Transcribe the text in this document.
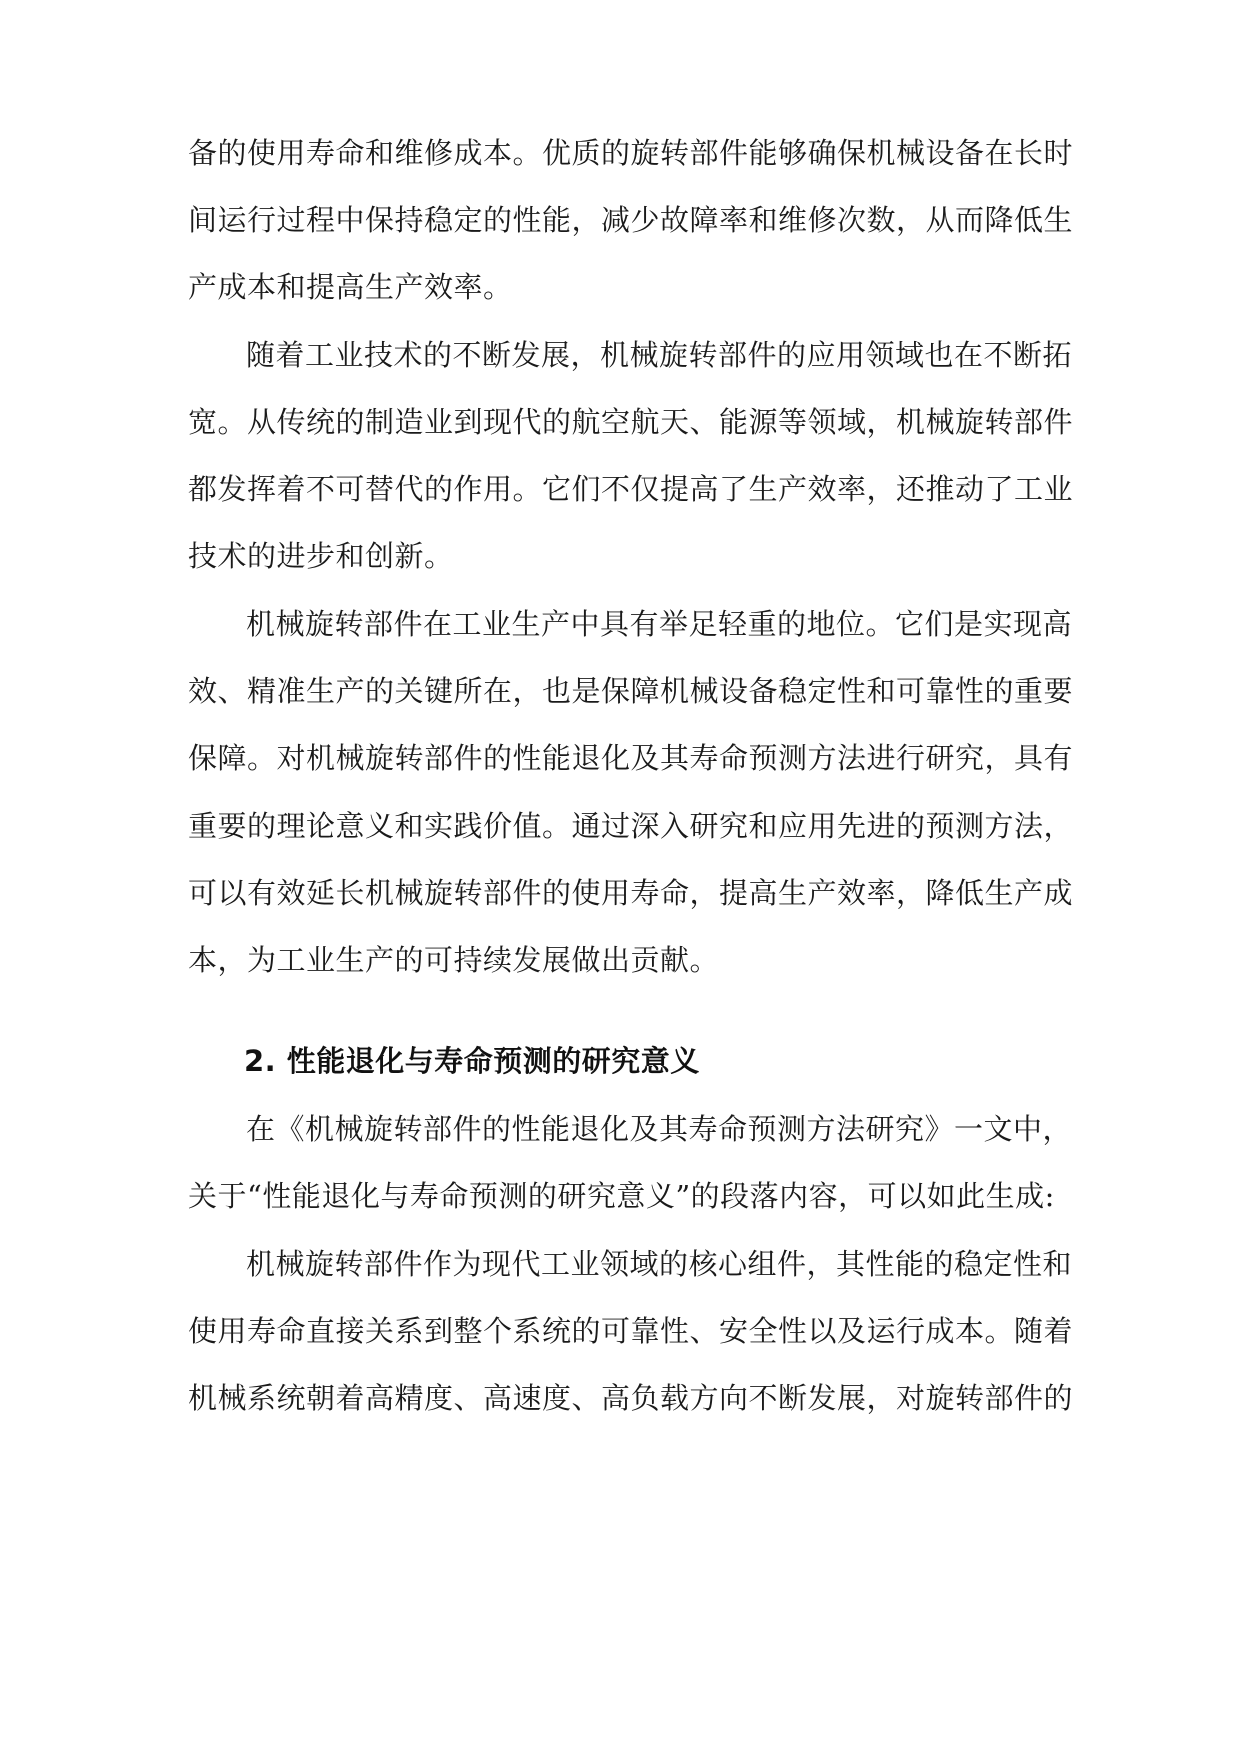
备的使用寿命和维修成本。优质的旋转部件能够确保机械设备在长时
间运行过程中保持稳定的性能，减少故障率和维修次数，从而降低生
产成本和提高生产效率。
随着工业技术的不断发展，机械旋转部件的应用领域也在不断拓
宽。从传统的制造业到现代的航空航天、能源等领域，机械旋转部件
都发挥着不可替代的作用。它们不仅提高了生产效率，还推动了工业
技术的进步和创新。
机械旋转部件在工业生产中具有举足轻重的地位。它们是实现高
效、精准生产的关键所在，也是保障机械设备稳定性和可靠性的重要
保障。对机械旋转部件的性能退化及其寿命预测方法进行研究，具有
重要的理论意义和实践价值。通过深入研究和应用先进的预测方法，
可以有效延长机械旋转部件的使用寿命，提高生产效率，降低生产成
本，为工业生产的可持续发展做出贡献。
2. 性能退化与寿命预测的研究意义
在《机械旋转部件的性能退化及其寿命预测方法研究》一文中，
关于“性能退化与寿命预测的研究意义”的段落内容，可以如此生成:
机械旋转部件作为现代工业领域的核心组件，其性能的稳定性和
使用寿命直接关系到整个系统的可靠性、安全性以及运行成本。随着
机械系统朝着高精度、高速度、高负载方向不断发展，对旋转部件的
